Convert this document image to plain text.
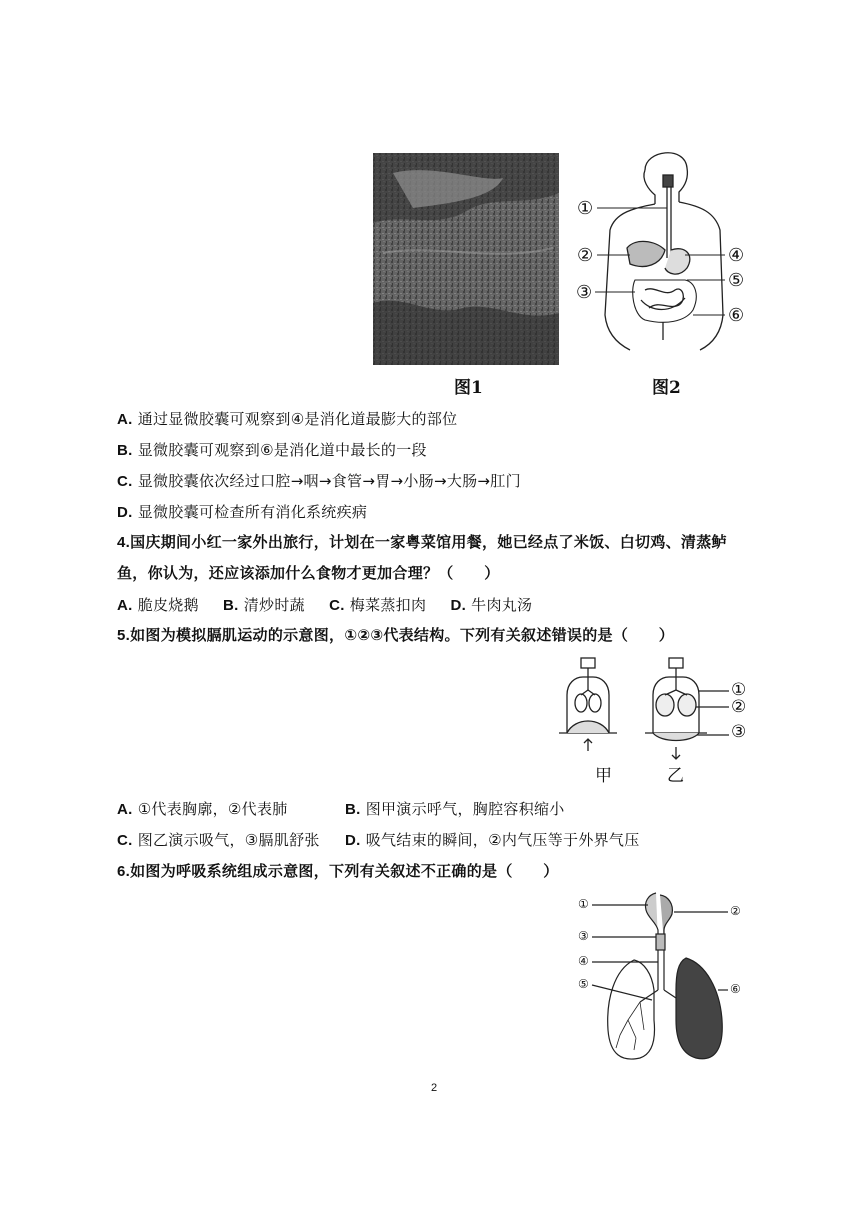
图1
①
②
③
④
⑤
⑥
图2
A. 通过显微胶囊可观察到④是消化道最膨大的部位
B. 显微胶囊可观察到⑥是消化道中最长的一段
C. 显微胶囊依次经过口腔→咽→食管→胃→小肠→大肠→肛门
D. 显微胶囊可检查所有消化系统疾病
4.国庆期间小红一家外出旅行，计划在一家粤菜馆用餐，她已经点了米饭、白切鸡、清蒸鲈
鱼，你认为，还应该添加什么食物才更加合理？（　　）
A. 脆皮烧鹅 B. 清炒时蔬 C. 梅菜蒸扣肉 D. 牛肉丸汤
5.如图为模拟膈肌运动的示意图，①②③代表结构。下列有关叙述错误的是（　　）
①
②
③
甲	乙
A. ①代表胸廓，②代表肺	B. 图甲演示呼气，胸腔容积缩小
C. 图乙演示吸气，③膈肌舒张 D. 吸气结束的瞬间，②内气压等于外界气压
6.如图为呼吸系统组成示意图，下列有关叙述不正确的是（　　）
①	②
③
④
⑤	⑥
2
